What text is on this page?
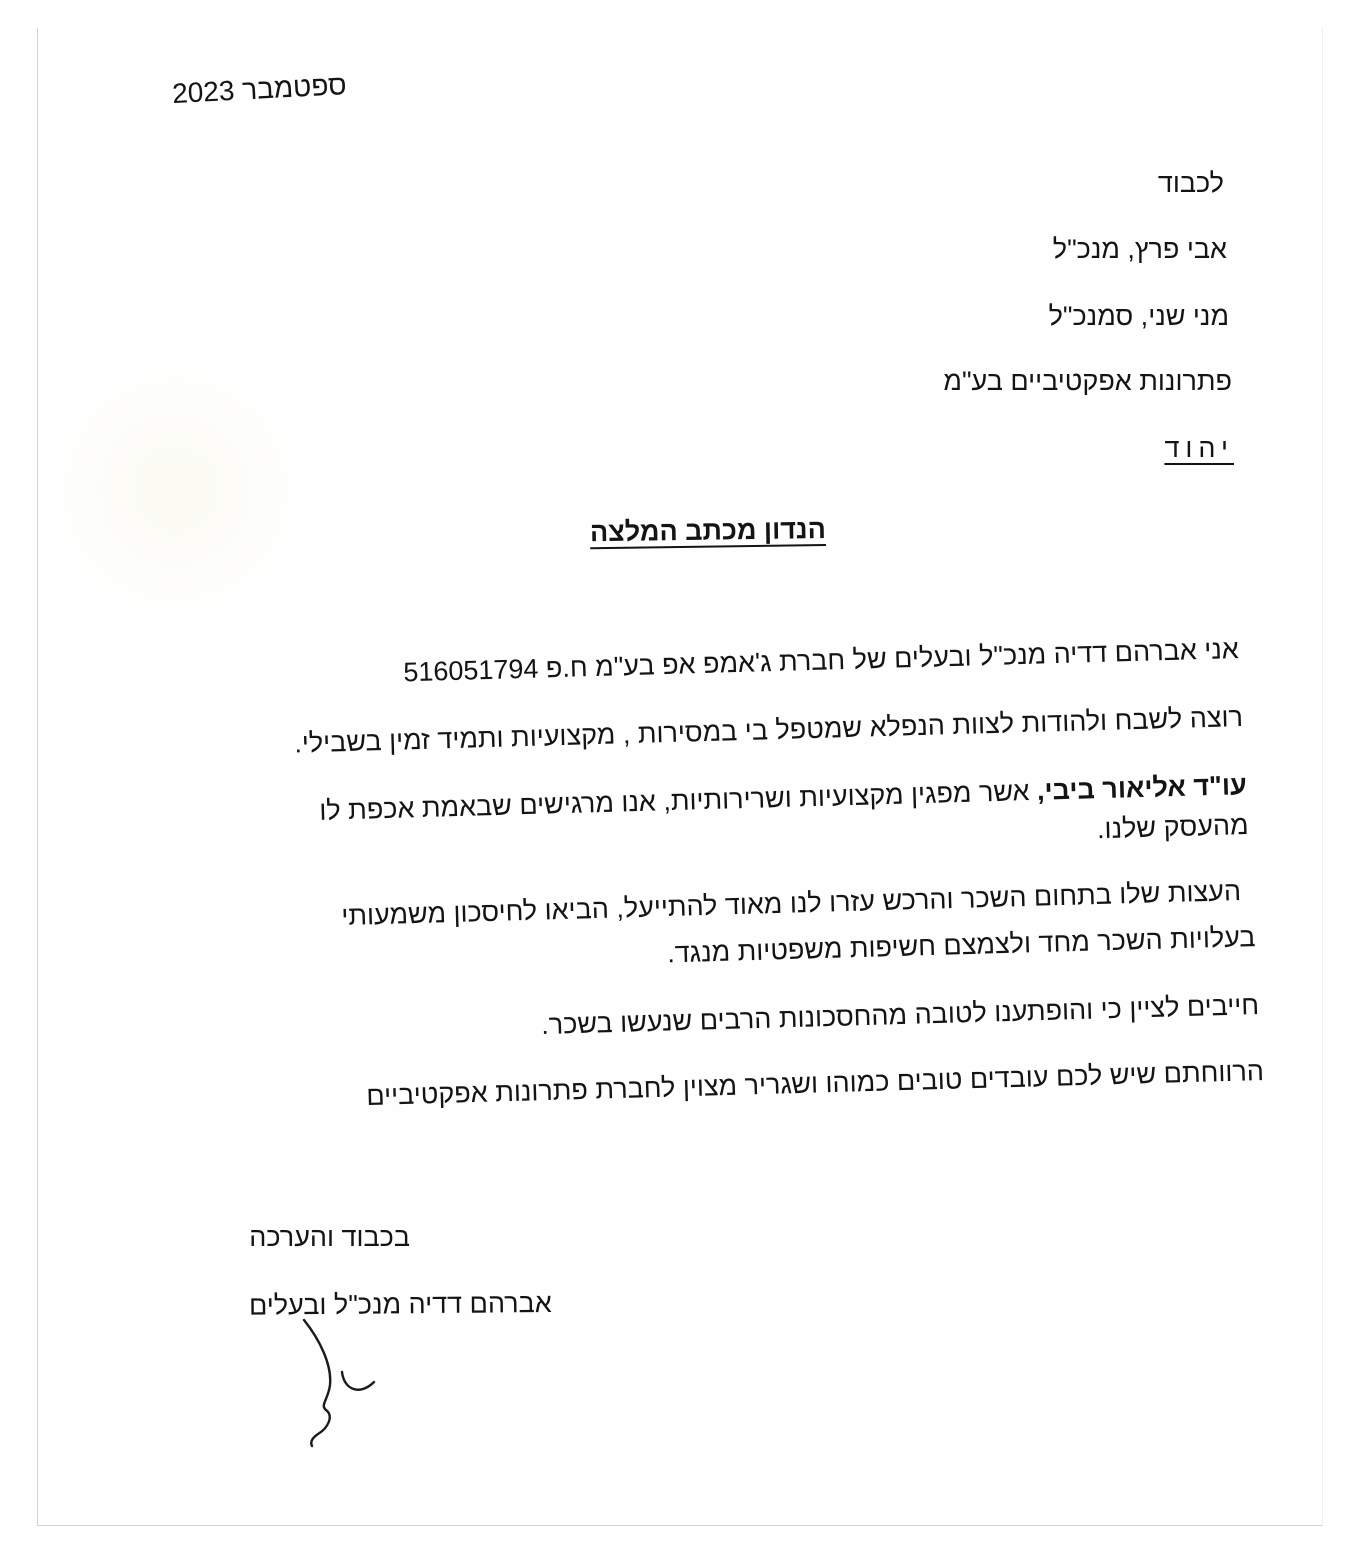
ספטמבר 2023
לכבוד
אבי פרץ, מנכ"ל
מני שני, סמנכ"ל
פתרונות אפקטיביים בע"מ
יהוד
הנדון מכתב המלצה
אני אברהם דדיה מנכ"ל ובעלים של חברת ג'אמפ אפ בע"מ ח.פ 516051794
רוצה לשבח ולהודות לצוות הנפלא שמטפל בי במסירות , מקצועיות ותמיד זמין בשבילי.
עו"ד אליאור ביבי, אשר מפגין מקצועיות ושרירותיות, אנו מרגישים שבאמת אכפת לו
מהעסק שלנו.
העצות שלו בתחום השכר והרכש עזרו לנו מאוד להתייעל, הביאו לחיסכון משמעותי
בעלויות השכר מחד ולצמצם חשיפות משפטיות מנגד.
חייבים לציין כי והופתענו לטובה מהחסכונות הרבים שנעשו בשכר.
הרווחתם שיש לכם עובדים טובים כמוהו ושגריר מצוין לחברת פתרונות אפקטיביים
בכבוד והערכה
אברהם דדיה מנכ"ל ובעלים
